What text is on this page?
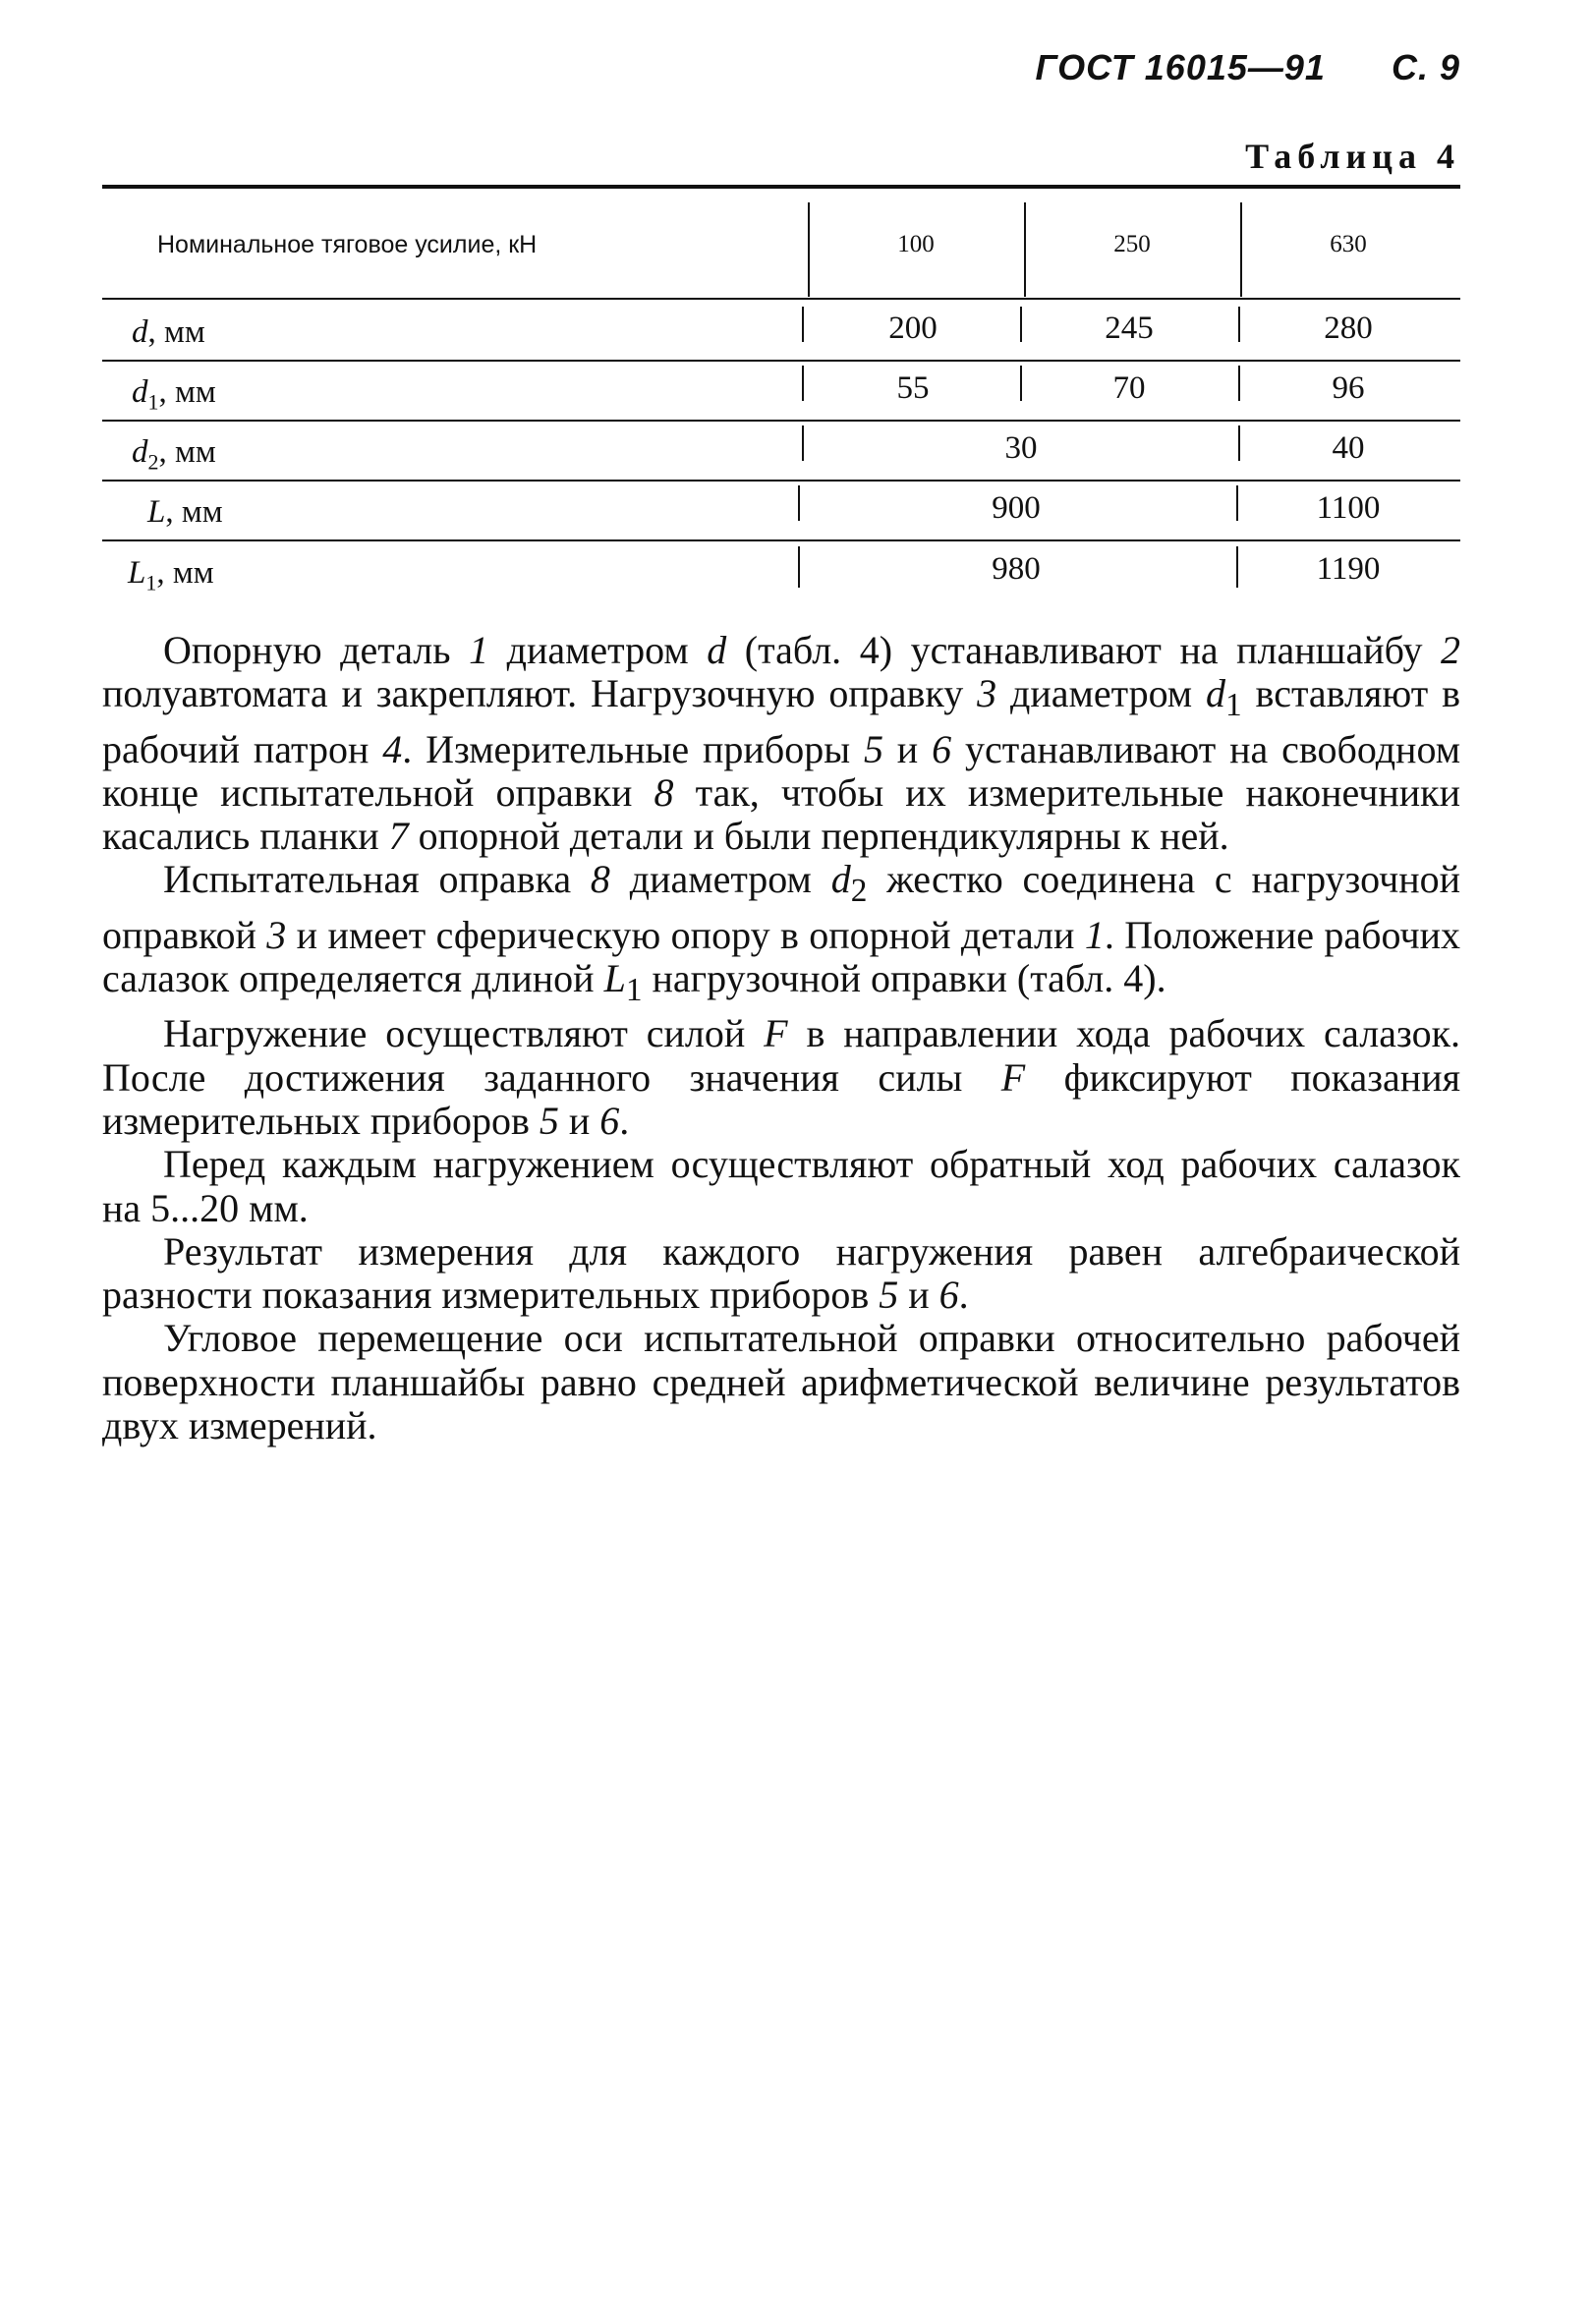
ГОСТ 16015—91 С. 9
Таблица 4
Номинальное тяговое усилие, кН	100	250	630
d, мм	200	245	280
$d_1$, мм	55	70	96
$d_2$, мм	30	40
L, мм	900	1100
$L_1$, мм	980	1190

Опорную деталь 1 диаметром d (табл. 4) устанавливают на планшайбу 2 полуавтомата и закрепляют. Нагрузочную оправку 3 диаметром $d_1$ вставляют в рабочий патрон 4. Измерительные приборы 5 и 6 устанавливают на свободном конце испытательной оправки 8 так, чтобы их измерительные наконечники касались планки 7 опорной детали и были перпендикулярны к ней.

Испытательная оправка 8 диаметром $d_2$ жестко соединена с нагрузочной оправкой 3 и имеет сферическую опору в опорной детали 1. Положение рабочих салазок определяется длиной $L_1$ нагрузочной оправки (табл. 4).

Нагружение осуществляют силой F в направлении хода рабочих салазок. После достижения заданного значения силы F фиксируют показания измерительных приборов 5 и 6.

Перед каждым нагружением осуществляют обратный ход рабочих салазок на 5...20 мм.

Результат измерения для каждого нагружения равен алгебраической разности показания измерительных приборов 5 и 6.

Угловое перемещение оси испытательной оправки относительно рабочей поверхности планшайбы равно средней арифметической величине результатов двух измерений.
